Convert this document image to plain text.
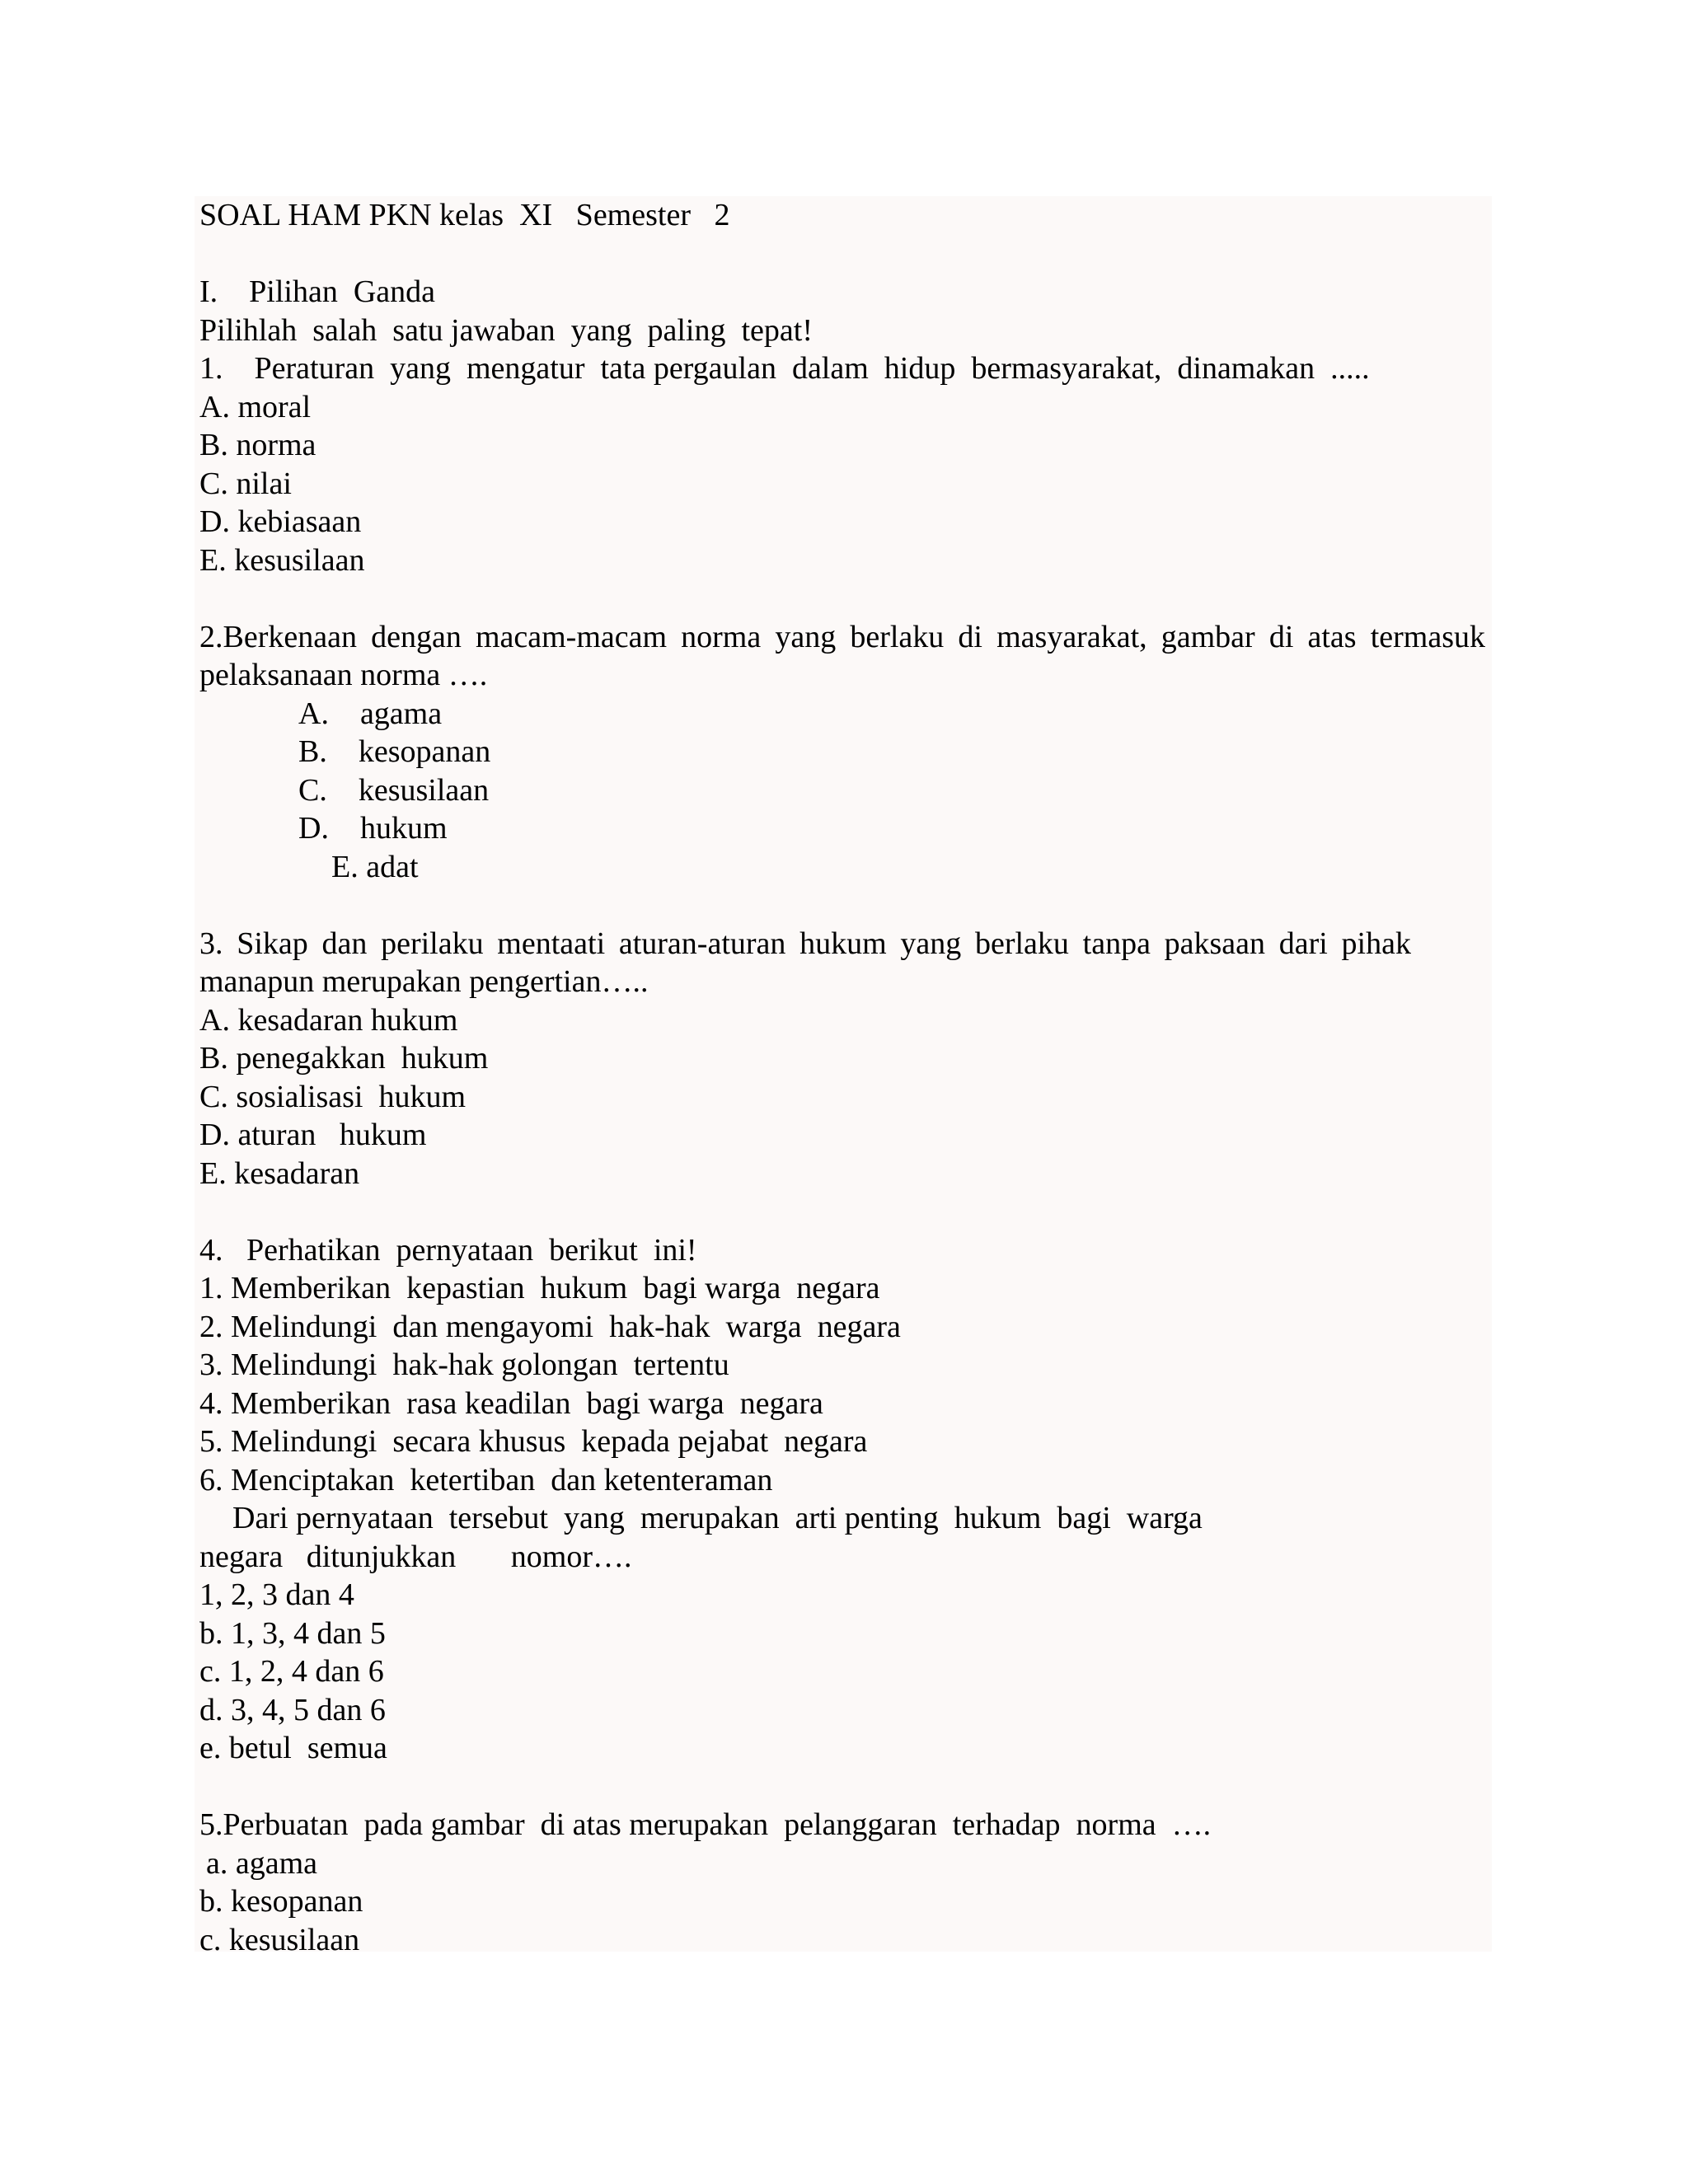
SOAL HAM PKN kelas  XI   Semester   2
I.    Pilihan  Ganda
Pilihlah  salah  satu jawaban  yang  paling  tepat!
1.    Peraturan  yang  mengatur  tata pergaulan  dalam  hidup  bermasyarakat,  dinamakan  .....
A. moral
B. norma
C. nilai
D. kebiasaan
E. kesusilaan
2.Berkenaan dengan macam-macam norma yang berlaku di masyarakat, gambar di atas termasuk pelaksanaan norma ….
A.    agama
B.    kesopanan
C.    kesusilaan
D.    hukum
E. adat
3. Sikap dan perilaku mentaati aturan-aturan hukum yang berlaku tanpa paksaan dari pihak manapun merupakan pengertian…..
A. kesadaran hukum
B. penegakkan  hukum
C. sosialisasi  hukum
D. aturan   hukum
E. kesadaran
4.   Perhatikan  pernyataan  berikut  ini!
1. Memberikan  kepastian  hukum  bagi warga  negara
2. Melindungi  dan mengayomi  hak-hak  warga  negara
3. Melindungi  hak-hak golongan  tertentu
4. Memberikan  rasa keadilan  bagi warga  negara
5. Melindungi  secara khusus  kepada pejabat  negara
6. Menciptakan  ketertiban  dan ketenteraman
Dari pernyataan  tersebut  yang  merupakan  arti penting  hukum  bagi  warga
negara   ditunjukkan       nomor….
1, 2, 3 dan 4
b. 1, 3, 4 dan 5
c. 1, 2, 4 dan 6
d. 3, 4, 5 dan 6
e. betul  semua
5.Perbuatan  pada gambar  di atas merupakan  pelanggaran  terhadap  norma  ….
a. agama
b. kesopanan
c. kesusilaan
